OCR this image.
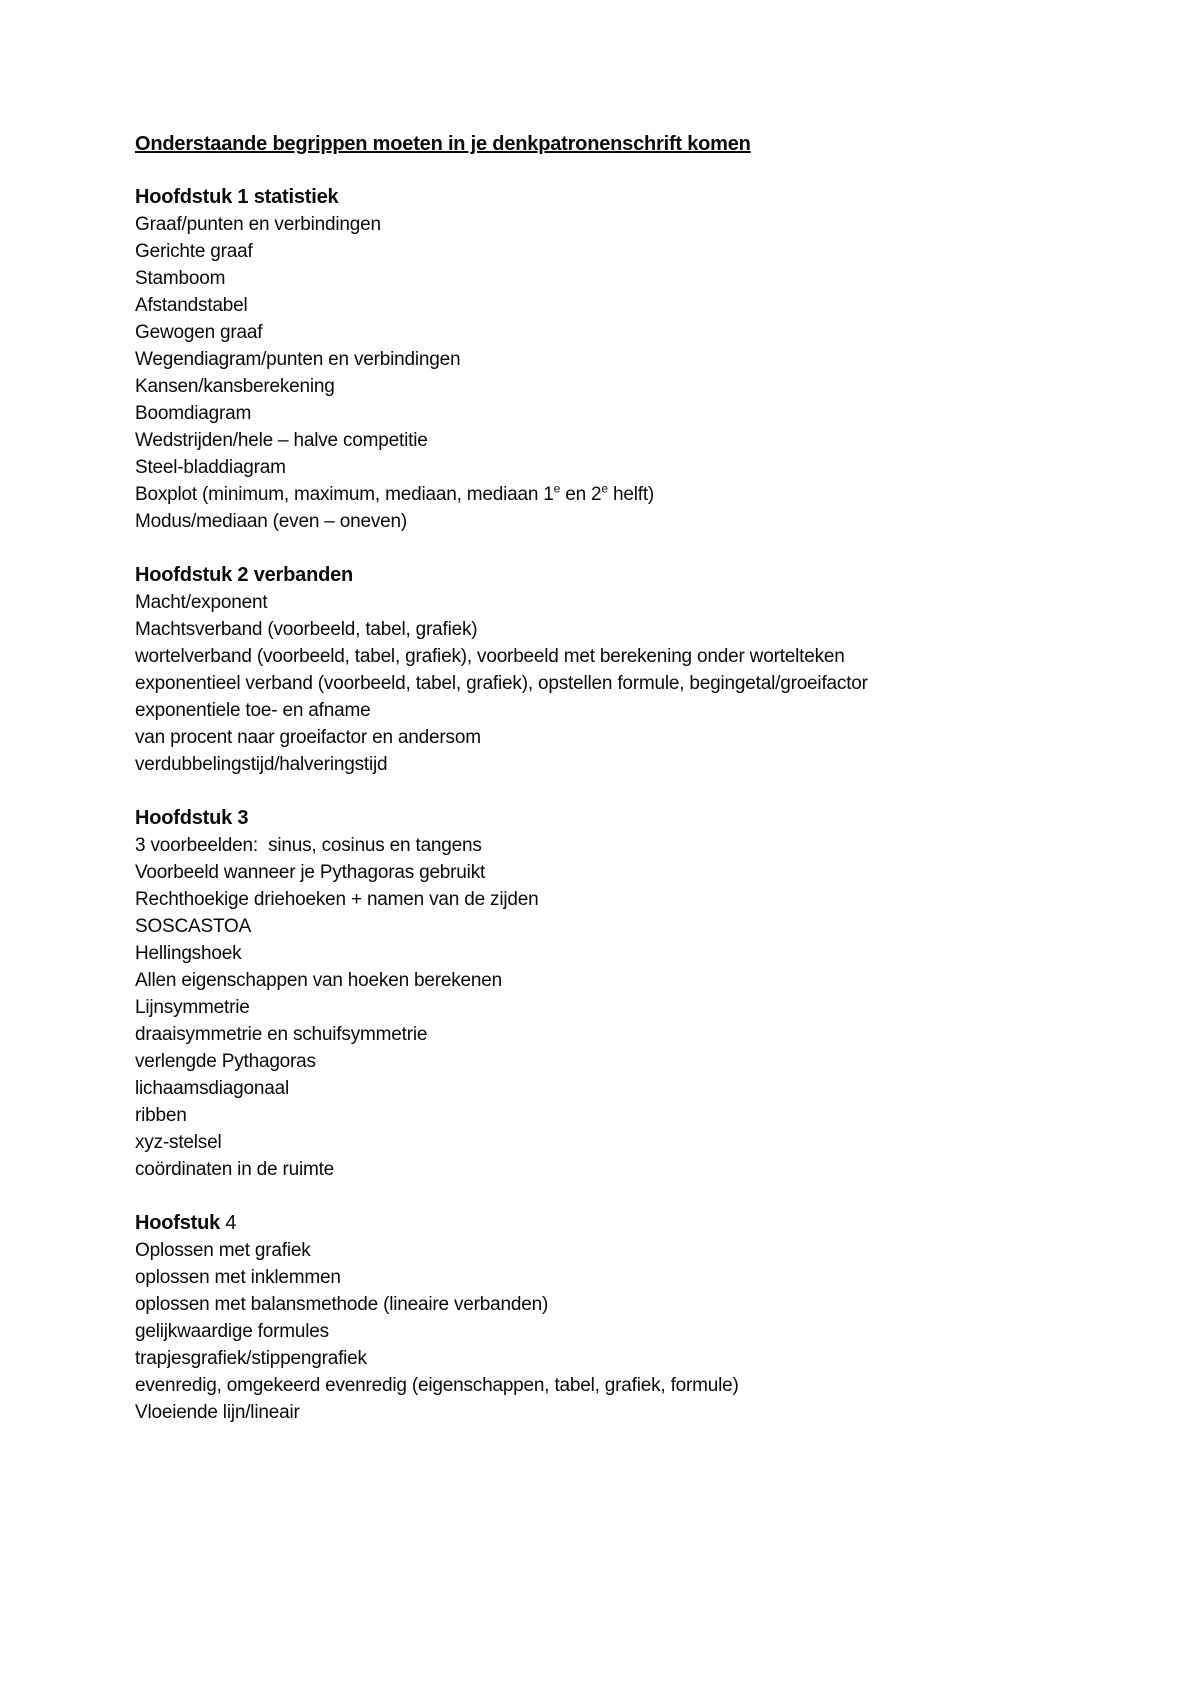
Onderstaande begrippen moeten in je denkpatronenschrift komen
Hoofdstuk 1 statistiek
Graaf/punten en verbindingen
Gerichte graaf
Stamboom
Afstandstabel
Gewogen graaf
Wegendiagram/punten en verbindingen
Kansen/kansberekening
Boomdiagram
Wedstrijden/hele – halve competitie
Steel-bladdiagram
Boxplot (minimum, maximum, mediaan, mediaan 1e en 2e helft)
Modus/mediaan (even – oneven)
Hoofdstuk 2 verbanden
Macht/exponent
Machtsverband (voorbeeld, tabel, grafiek)
wortelverband (voorbeeld, tabel, grafiek), voorbeeld met berekening onder wortelteken
exponentieel verband (voorbeeld, tabel, grafiek), opstellen formule, begingetal/groeifactor
exponentiele toe- en afname
van procent naar groeifactor en andersom
verdubbelingstijd/halveringstijd
Hoofdstuk 3
3 voorbeelden:  sinus, cosinus en tangens
Voorbeeld wanneer je Pythagoras gebruikt
Rechthoekige driehoeken + namen van de zijden
SOSCASTOA
Hellingshoek
Allen eigenschappen van hoeken berekenen
Lijnsymmetrie
draaisymmetrie en schuifsymmetrie
verlengde Pythagoras
lichaamsdiagonaal
ribben
xyz-stelsel
coördinaten in de ruimte
Hoofstuk 4
Oplossen met grafiek
oplossen met inklemmen
oplossen met balansmethode (lineaire verbanden)
gelijkwaardige formules
trapjesgrafiek/stippengrafiek
evenredig, omgekeerd evenredig (eigenschappen, tabel, grafiek, formule)
Vloeiende lijn/lineair
